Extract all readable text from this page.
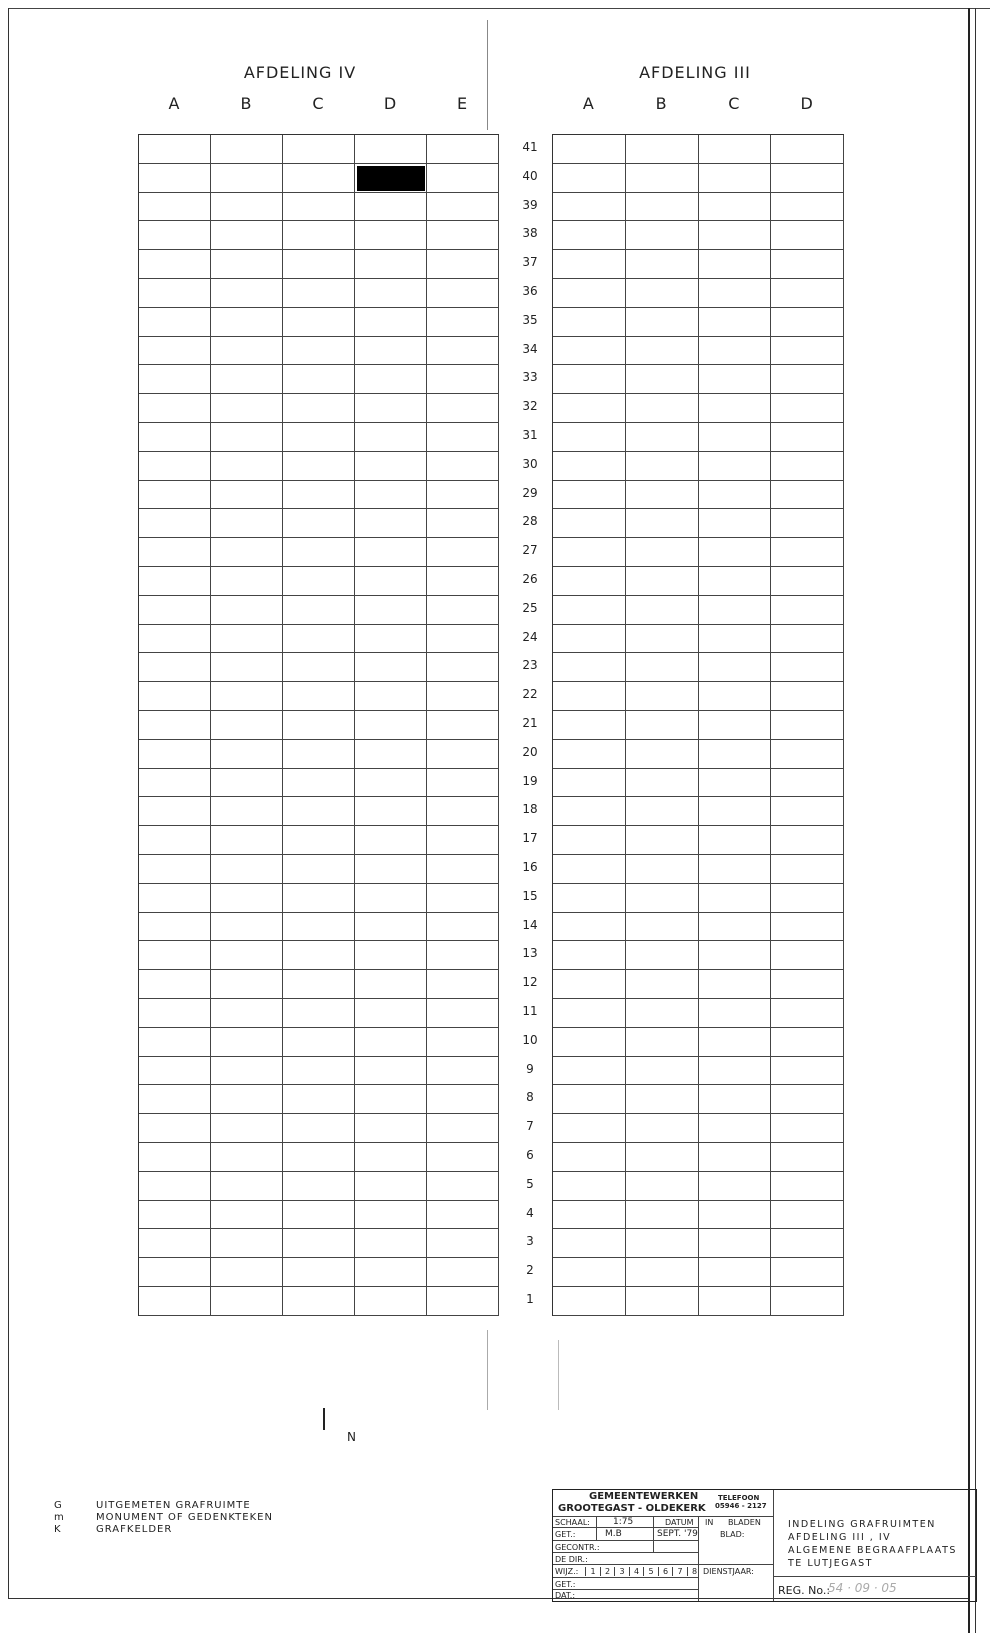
AFDELING IV	AFDELING III
A	B	C	D	E	A	B	C	D
41
40
39
38
37
36
35
34
33
32
31
30
29
28
27
26
25
24
23
22
21
20
19
18
17
16
15
14
13
12
11
10
9
8
7
6
5
4
3
2
1
N
G	UITGEMETEN GRAFRUIMTE
m	MONUMENT OF GEDENKTEKEN
K	GRAFKELDER
GEMEENTEWERKEN
GROOTEGAST - OLDEKERK
TELEFOON
05946 - 2127
SCHAAL:	1:75	DATUM IN BLADEN
GET.:	M.B	SEPT. '79	BLAD:
GECONTR.:
DE DIR.:
WIJZ.:	DIENSTJAAR:
GET.:
DAT.:
INDELING GRAFRUIMTEN
AFDELING III , IV
ALGEMENE BEGRAAFPLAATS
TE LUTJEGAST
REG. No.:
54 · 09 · 05
1	2	3	4	5	6	7	8
